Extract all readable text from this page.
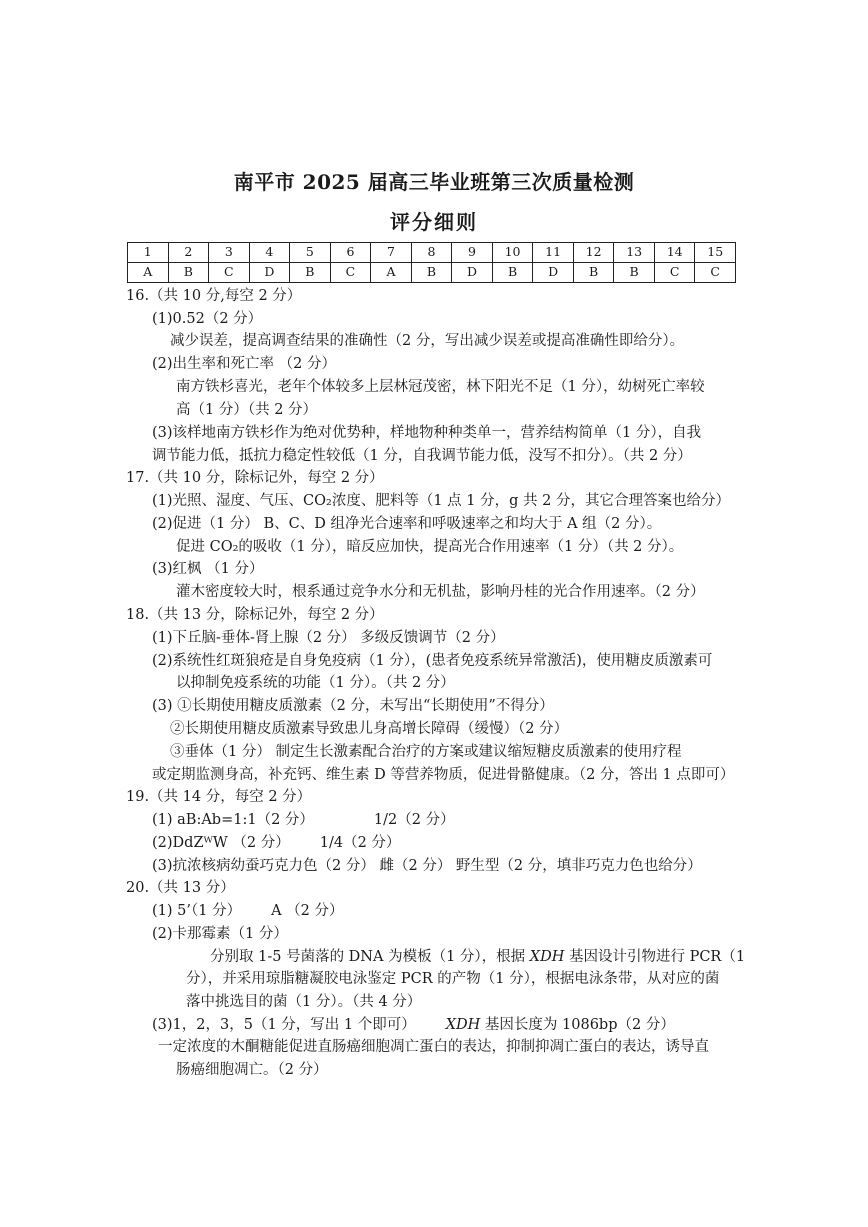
南平市 2025 届高三毕业班第三次质量检测
评分细则
1	2	3	4	5	6	7	8	9	10	11	12	13	14	15
A	B	C	D	B	C	A	B	D	B	D	B	B	C	C
16.（共 10 分,每空 2 分）
(1)0.52（2 分）
减少误差，提高调查结果的准确性（2 分，写出减少误差或提高准确性即给分）。
(2)出生率和死亡率 （2 分）
南方铁杉喜光，老年个体较多上层林冠茂密，林下阳光不足（1 分），幼树死亡率较
高（1 分）（共 2 分）
(3)该样地南方铁杉作为绝对优势种，样地物种种类单一，营养结构简单（1 分），自我
调节能力低，抵抗力稳定性较低（1 分，自我调节能力低，没写不扣分）。（共 2 分）
17.（共 10 分，除标记外，每空 2 分）
(1)光照、湿度、气压、CO₂浓度、肥料等（1 点 1 分，g 共 2 分，其它合理答案也给分）
(2)促进（1 分） B、C、D 组净光合速率和呼吸速率之和均大于 A 组（2 分）。
促进 CO₂的吸收（1 分），暗反应加快，提高光合作用速率（1 分）（共 2 分）。
(3)红枫 （1 分）
灌木密度较大时，根系通过竞争水分和无机盐，影响丹桂的光合作用速率。（2 分）
18.（共 13 分，除标记外，每空 2 分）
(1)下丘脑-垂体-肾上腺（2 分） 多级反馈调节（2 分）
(2)系统性红斑狼疮是自身免疫病（1 分），(患者免疫系统异常激活)，使用糖皮质激素可
以抑制免疫系统的功能（1 分）。（共 2 分）
(3) ①长期使用糖皮质激素（2 分，未写出“长期使用”不得分）
②长期使用糖皮质激素导致患儿身高增长障碍（缓慢）（2 分）
③垂体（1 分） 制定生长激素配合治疗的方案或建议缩短糖皮质激素的使用疗程
或定期监测身高，补充钙、维生素 D 等营养物质，促进骨骼健康。（2 分，答出 1 点即可）
19.（共 14 分，每空 2 分）
(1) aB:Ab=1:1（2 分）	1/2（2 分）
(2)DdZᵂW （2 分） 1/4（2 分）
(3)抗浓核病幼蚕巧克力色（2 分） 雌（2 分） 野生型（2 分，填非巧克力色也给分）
20.（共 13 分）
(1) 5’（1 分） A （2 分）
(2)卡那霉素（1 分）
分别取 1-5 号菌落的 DNA 为模板（1 分），根据 XDH 基因设计引物进行 PCR（1
分），并采用琼脂糖凝胶电泳鉴定 PCR 的产物（1 分），根据电泳条带，从对应的菌
落中挑选目的菌（1 分）。（共 4 分）
(3)1，2，3，5（1 分，写出 1 个即可） XDH 基因长度为 1086bp（2 分）
一定浓度的木酮糖能促进直肠癌细胞凋亡蛋白的表达，抑制抑凋亡蛋白的表达，诱导直
肠癌细胞凋亡。（2 分）
